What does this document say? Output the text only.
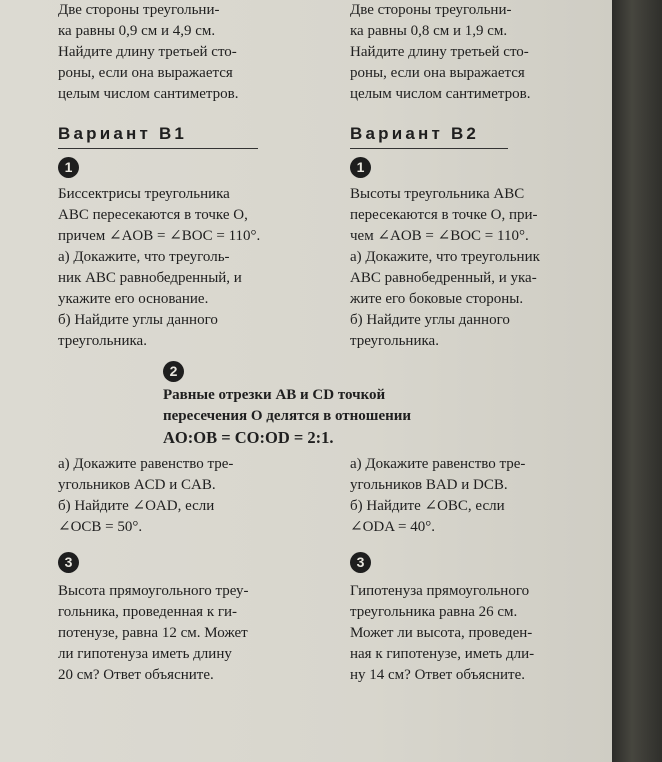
Две стороны треугольни-

ка равны 0,9 см и 4,9 см.

Найдите длину третьей сто-

роны, если она выражается

целым числом сантиметров.

Две стороны треугольни-

ка равны 0,8 см и 1,9 см.

Найдите длину третьей сто-

роны, если она выражается

целым числом сантиметров.

Вариант В1	Вариант В2
1	1

Биссектрисы треугольника

ABC пересекаются в точке O,

причем ∠AOB = ∠BOC = 110°.

а) Докажите, что треуголь-

ник ABC равнобедренный, и

укажите его основание.

б) Найдите углы данного

треугольника.

Высоты треугольника ABC

пересекаются в точке O, при-

чем ∠AOB = ∠BOC = 110°.

а) Докажите, что треугольник

ABC равнобедренный, и ука-

жите его боковые стороны.

б) Найдите углы данного

треугольника.

2
Равные отрезки AB и CD точкой
пересечения O делятся в отношении
AO:OB = CO:OD = 2:1.

а) Докажите равенство тре-

угольников ACD и CAB.

б) Найдите ∠OAD, если

∠OCB = 50°.

а) Докажите равенство тре-

угольников BAD и DCB.

б) Найдите ∠OBC, если

∠ODA = 40°.

3	3

Высота прямоугольного треу-

гольника, проведенная к ги-

потенузе, равна 12 см. Может

ли гипотенуза иметь длину

20 см? Ответ объясните.

Гипотенуза прямоугольного

треугольника равна 26 см.

Может ли высота, проведен-

ная к гипотенузе, иметь дли-

ну 14 см? Ответ объясните.
